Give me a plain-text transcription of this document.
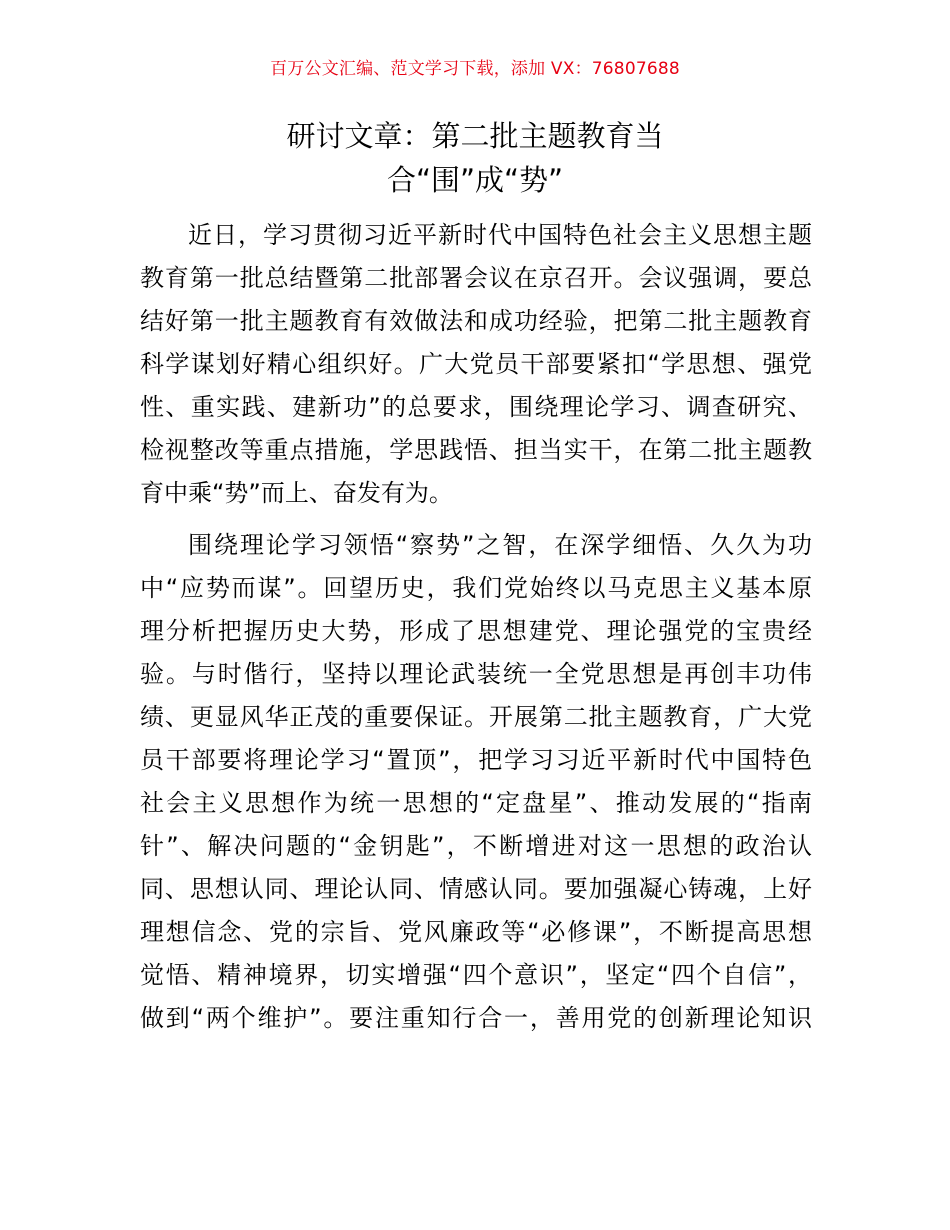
百万公文汇编、范文学习下载，添加 VX：76807688
研讨文章：第二批主题教育当
合“围”成“势”
近日，学习贯彻习近平新时代中国特色社会主义思想主题
教育第一批总结暨第二批部署会议在京召开。会议强调，要总
结好第一批主题教育有效做法和成功经验，把第二批主题教育
科学谋划好精心组织好。广大党员干部要紧扣“学思想、强党
性、重实践、建新功”的总要求，围绕理论学习、调查研究、
检视整改等重点措施，学思践悟、担当实干，在第二批主题教
育中乘“势”而上、奋发有为。
围绕理论学习领悟“察势”之智，在深学细悟、久久为功
中“应势而谋”。回望历史，我们党始终以马克思主义基本原
理分析把握历史大势，形成了思想建党、理论强党的宝贵经
验。与时偕行，坚持以理论武装统一全党思想是再创丰功伟
绩、更显风华正茂的重要保证。开展第二批主题教育，广大党
员干部要将理论学习“置顶”，把学习习近平新时代中国特色
社会主义思想作为统一思想的“定盘星”、推动发展的“指南
针”、解决问题的“金钥匙”，不断增进对这一思想的政治认
同、思想认同、理论认同、情感认同。要加强凝心铸魂，上好
理想信念、党的宗旨、党风廉政等“必修课”，不断提高思想
觉悟、精神境界，切实增强“四个意识”，坚定“四个自信”，
做到“两个维护”。要注重知行合一，善用党的创新理论知识
